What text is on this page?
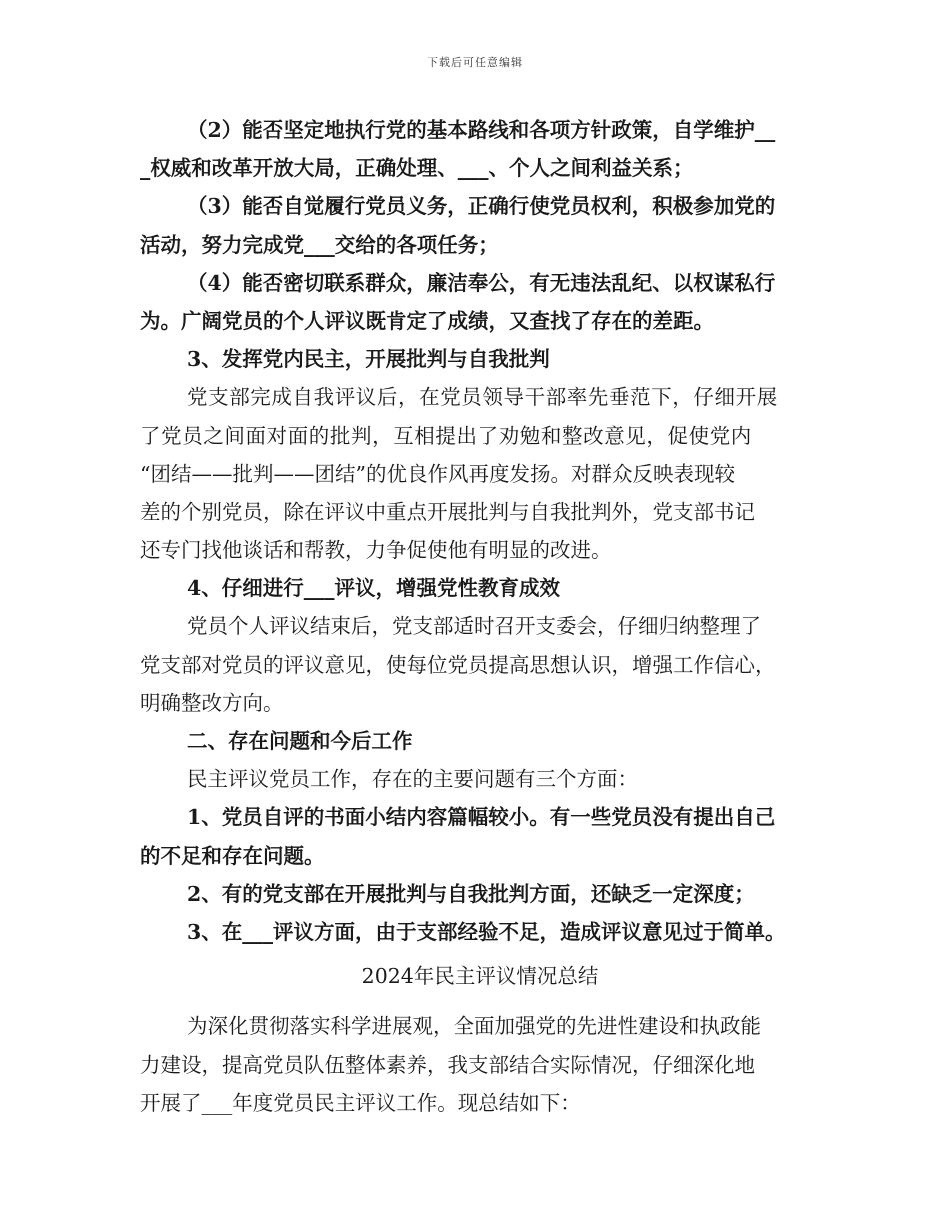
下载后可任意编辑
（2）能否坚定地执行党的基本路线和各项方针政策，自学维护__
_权威和改革开放大局，正确处理、___、个人之间利益关系；
（3）能否自觉履行党员义务，正确行使党员权利，积极参加党的
活动，努力完成党___交给的各项任务；
（4）能否密切联系群众，廉洁奉公，有无违法乱纪、以权谋私行
为。广阔党员的个人评议既肯定了成绩，又查找了存在的差距。
3、发挥党内民主，开展批判与自我批判
党支部完成自我评议后，在党员领导干部率先垂范下，仔细开展
了党员之间面对面的批判，互相提出了劝勉和整改意见，促使党内
“团结——批判——团结”的优良作风再度发扬。对群众反映表现较
差的个别党员，除在评议中重点开展批判与自我批判外，党支部书记
还专门找他谈话和帮教，力争促使他有明显的改进。
4、仔细进行___评议，增强党性教育成效
党员个人评议结束后，党支部适时召开支委会，仔细归纳整理了
党支部对党员的评议意见，使每位党员提高思想认识，增强工作信心，
明确整改方向。
二、存在问题和今后工作
民主评议党员工作，存在的主要问题有三个方面：
1、党员自评的书面小结内容篇幅较小。有一些党员没有提出自己
的不足和存在问题。
2、有的党支部在开展批判与自我批判方面，还缺乏一定深度；
3、在___评议方面，由于支部经验不足，造成评议意见过于简单。
2024年民主评议情况总结
为深化贯彻落实科学进展观，全面加强党的先进性建设和执政能
力建设，提高党员队伍整体素养，我支部结合实际情况，仔细深化地
开展了___年度党员民主评议工作。现总结如下：
